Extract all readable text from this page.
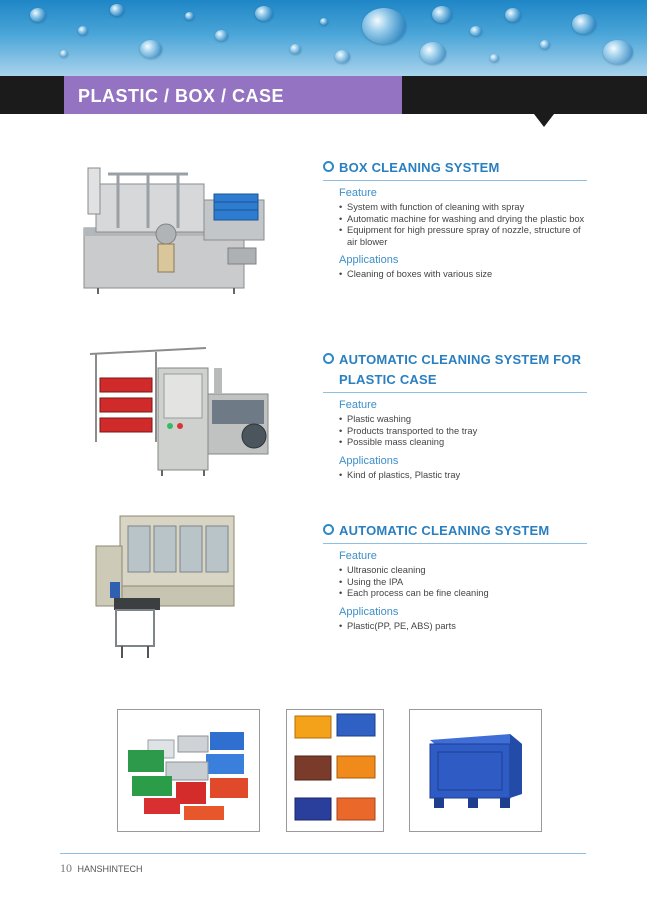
PLASTIC / BOX / CASE
BOX CLEANING SYSTEM
Feature
• System with function of cleaning with spray
• Automatic machine for washing and drying the plastic box
• Equipment for high pressure spray of nozzle, structure of air blower
Applications
• Cleaning of boxes with various size
AUTOMATIC CLEANING SYSTEM FOR
PLASTIC CASE
Feature
• Plastic washing
• Products transported to the tray
• Possible mass cleaning
Applications
• Kind of plastics, Plastic tray
AUTOMATIC CLEANING SYSTEM
Feature
• Ultrasonic cleaning
• Using the IPA
• Each process can be fine cleaning
Applications
• Plastic(PP, PE, ABS) parts
10 HANSHINTECH
